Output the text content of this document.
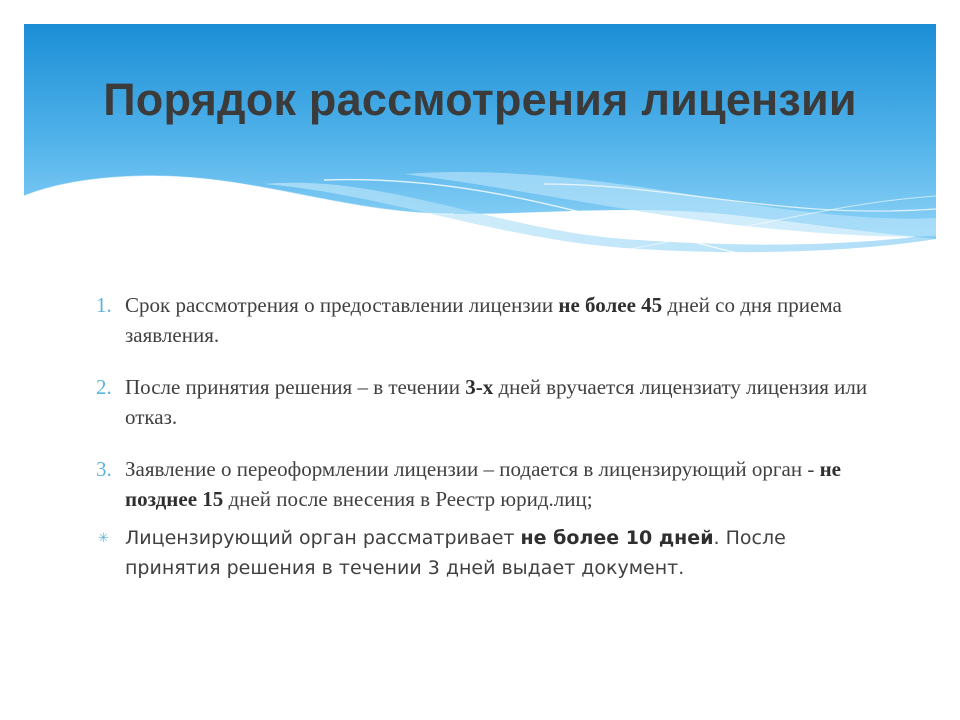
Порядок рассмотрения лицензии
1. Срок рассмотрения о предоставлении лицензии не более 45 дней со дня приема заявления.
2. После принятия решения – в течении 3-х дней вручается лицензиату лицензия или отказ.
3. Заявление о переоформлении лицензии – подается в лицензирующий орган - не позднее 15 дней после внесения в Реестр юрид.лиц;
✳ Лицензирующий орган рассматривает не более 10 дней. После принятия решения в течении 3 дней выдает документ.
